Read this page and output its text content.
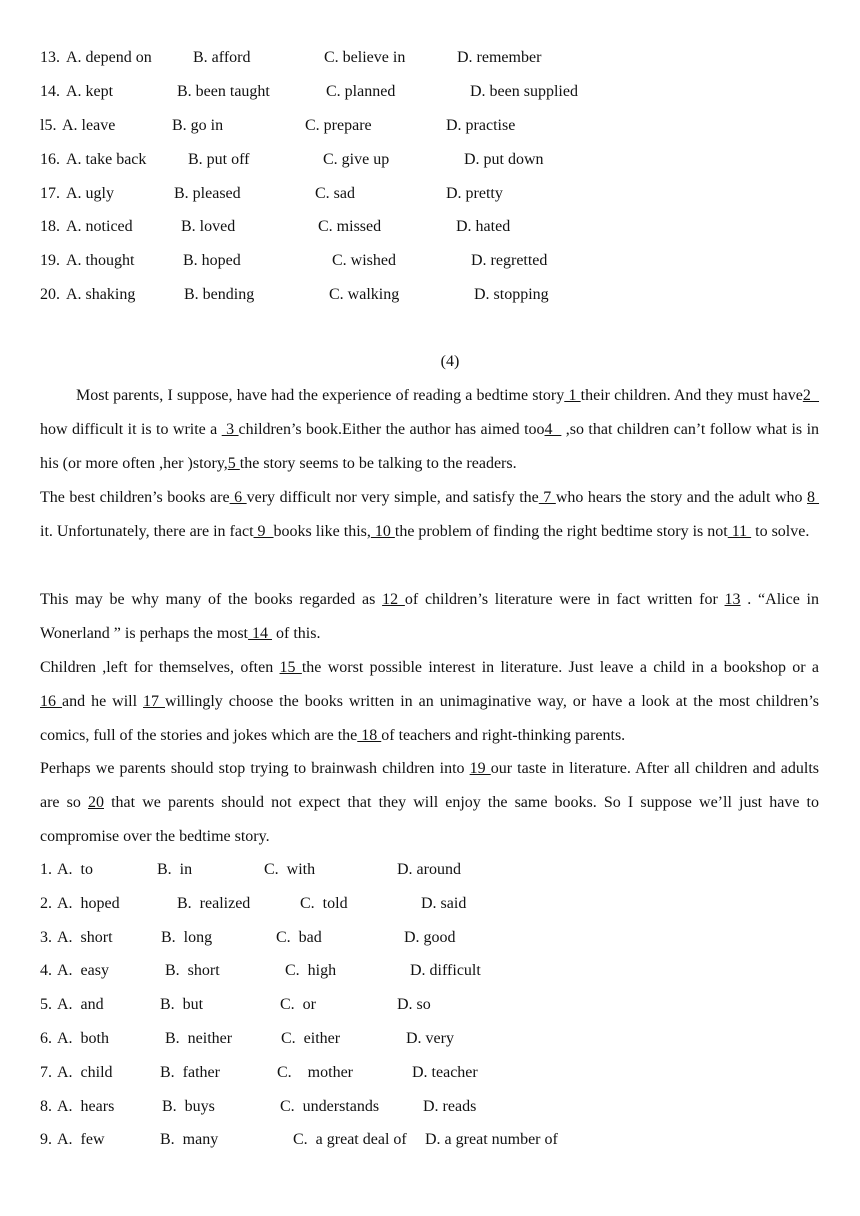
13. A. depend on	B. afford	C. believe in	D. remember
14. A. kept	B. been taught	C. planned	D. been supplied
l5. A. leave	B. go in	C. prepare	D. practise
16. A. take back	B. put off	C. give up	D. put down
17. A. ugly	B. pleased	C. sad	D. pretty
18. A. noticed	B. loved	C. missed	D. hated
19. A. thought	B. hoped	C. wished	D. regretted
20. A. shaking	B. bending	C. walking	D. stopping
(4)
Most parents, I suppose, have had the experience of reading a bedtime story 1 their children. And they must have2   how difficult it is to write a  3 children’s book.Either the author has aimed too4   ,so that children can’t follow what is in his (or more often ,her )story,5 the story seems to be talking to the readers.
The best children’s books are 6 very difficult nor very simple, and satisfy the 7 who hears the story and the adult who 8  it. Unfortunately, there are in fact 9  books like this, 10 the problem of finding the right bedtime story is not 11  to solve.
This may be why many of the books regarded as 12 of children’s literature were in fact written for 13 . “Alice in Wonerland ” is perhaps the most 14  of this.
Children ,left for themselves, often 15 the worst possible interest in literature. Just leave a child in a bookshop or a 16 and he will 17 willingly choose the books written in an unimaginative way, or have a look at the most children’s comics, full of the stories and jokes which are the 18 of teachers and right-thinking parents.
Perhaps we parents should stop trying to brainwash children into 19 our taste in literature. After all children and adults are so 20 that we parents should not expect that they will enjoy the same books. So I suppose we’ll just have to compromise over the bedtime story.
1. A.  to	B.  in	C.  with	D. around
2. A.  hoped	B.  realized	C.  told	D. said
3. A.  short	B.  long	C.  bad	D. good
4. A.  easy	B.  short	C.  high	D. difficult
5. A.  and	B.  but	C.  or	D. so
6. A.  both	B.  neither	C.  either	D. very
7. A.  child	B.  father	C.    mother	D. teacher
8. A.  hears	B.  buys	C.  understands	D. reads
9. A.  few	B.  many	C.  a great deal of D. a great number of
